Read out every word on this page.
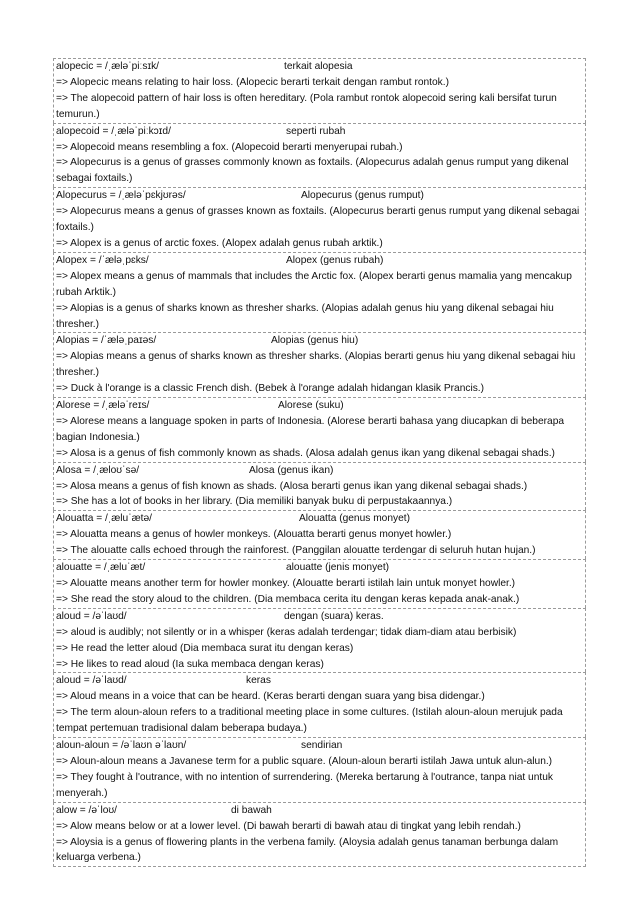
alopecic = /ˌæləˈpiːsɪk/	terkait alopesia
=> Alopecic means relating to hair loss. (Alopecic berarti terkait dengan rambut rontok.)
=> The alopecoid pattern of hair loss is often hereditary. (Pola rambut rontok alopecoid sering kali bersifat turun temurun.)
alopecoid = /ˌæləˈpiːkɔɪd/	seperti rubah
=> Alopecoid means resembling a fox. (Alopecoid berarti menyerupai rubah.)
=> Alopecurus is a genus of grasses commonly known as foxtails. (Alopecurus adalah genus rumput yang dikenal sebagai foxtails.)
Alopecurus = /ˌæləˈpɛkjʊrəs/	Alopecurus (genus rumput)
=> Alopecurus means a genus of grasses known as foxtails. (Alopecurus berarti genus rumput yang dikenal sebagai foxtails.)
=> Alopex is a genus of arctic foxes. (Alopex adalah genus rubah arktik.)
Alopex = /ˈæləˌpɛks/	Alopex (genus rubah)
=> Alopex means a genus of mammals that includes the Arctic fox. (Alopex berarti genus mamalia yang mencakup rubah Arktik.)
=> Alopias is a genus of sharks known as thresher sharks. (Alopias adalah genus hiu yang dikenal sebagai hiu thresher.)
Alopias = /ˈæləˌpaɪəs/	Alopias (genus hiu)
=> Alopias means a genus of sharks known as thresher sharks. (Alopias berarti genus hiu yang dikenal sebagai hiu thresher.)
=> Duck à l'orange is a classic French dish. (Bebek à l'orange adalah hidangan klasik Prancis.)
Alorese = /ˌæləˈreɪs/	Alorese (suku)
=> Alorese means a language spoken in parts of Indonesia. (Alorese berarti bahasa yang diucapkan di beberapa bagian Indonesia.)
=> Alosa is a genus of fish commonly known as shads. (Alosa adalah genus ikan yang dikenal sebagai shads.)
Alosa = /ˌæloʊˈsə/	Alosa (genus ikan)
=> Alosa means a genus of fish known as shads. (Alosa berarti genus ikan yang dikenal sebagai shads.)
=> She has a lot of books in her library. (Dia memiliki banyak buku di perpustakaannya.)
Alouatta = /ˌæluˈætə/	Alouatta (genus monyet)
=> Alouatta means a genus of howler monkeys. (Alouatta berarti genus monyet howler.)
=> The alouatte calls echoed through the rainforest. (Panggilan alouatte terdengar di seluruh hutan hujan.)
alouatte = /ˌæluˈæt/	alouatte (jenis monyet)
=> Alouatte means another term for howler monkey. (Alouatte berarti istilah lain untuk monyet howler.)
=> She read the story aloud to the children. (Dia membaca cerita itu dengan keras kepada anak-anak.)
aloud = /əˈlaʊd/	dengan (suara) keras.
=> aloud is audibly; not silently or in a whisper (keras adalah terdengar; tidak diam-diam atau berbisik)
=> He read the letter aloud (Dia membaca surat itu dengan keras)
=> He likes to read aloud (Ia suka membaca dengan keras)
aloud = /əˈlaʊd/	keras
=> Aloud means in a voice that can be heard. (Keras berarti dengan suara yang bisa didengar.)
=> The term aloun-aloun refers to a traditional meeting place in some cultures. (Istilah aloun-aloun merujuk pada tempat pertemuan tradisional dalam beberapa budaya.)
aloun-aloun = /əˈlaʊn əˈlaʊn/	sendirian
=> Aloun-aloun means a Javanese term for a public square. (Aloun-aloun berarti istilah Jawa untuk alun-alun.)
=> They fought à l'outrance, with no intention of surrendering. (Mereka bertarung à l'outrance, tanpa niat untuk menyerah.)
alow = /əˈloʊ/	di bawah
=> Alow means below or at a lower level. (Di bawah berarti di bawah atau di tingkat yang lebih rendah.)
=> Aloysia is a genus of flowering plants in the verbena family. (Aloysia adalah genus tanaman berbunga dalam keluarga verbena.)
